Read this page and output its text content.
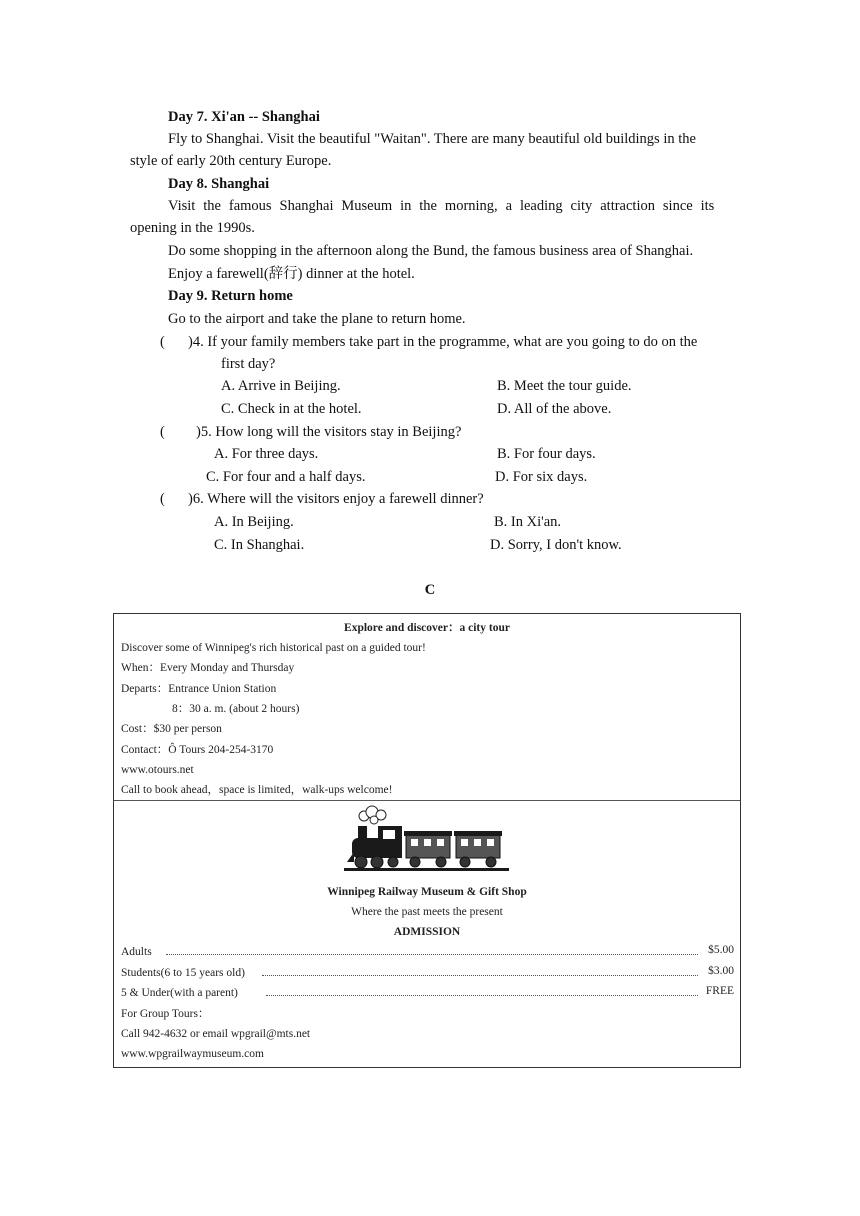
Day 7. Xi'an -- Shanghai
Fly to Shanghai. Visit the beautiful "Waitan". There are many beautiful old buildings in the
style of early 20th century Europe.
Day 8. Shanghai
Visit the famous Shanghai Museum in the morning, a leading city attraction since its
opening in the 1990s.
Do some shopping in the afternoon along the Bund, the famous business area of Shanghai.
Enjoy a farewell(辞行) dinner at the hotel.
Day 9. Return home
Go to the airport and take the plane to return home.
( )4. If your family members take part in the programme, what are you going to do on the
first day?
A. Arrive in Beijing.	B. Meet the tour guide.
C. Check in at the hotel.	D. All of the above.
( )5. How long will the visitors stay in Beijing?
A. For three days.	B. For four days.
C. For four and a half days.	D. For six days.
( )6. Where will the visitors enjoy a farewell dinner?
A. In Beijing.	B. In Xi'an.
C. In Shanghai.	D. Sorry, I don't know.
C
Explore and discover：a city tour
Discover some of Winnipeg's rich historical past on a guided tour!
When：Every Monday and Thursday
Departs：Entrance Union Station
8：30 a. m. (about 2 hours)
Cost：$30 per person
Contact：Ô Tours 204-254-3170
www.otours.net
Call to book ahead，space is limited，walk-ups welcome!
Winnipeg Railway Museum & Gift Shop
Where the past meets the present
ADMISSION
Adults	$5.00
Students(6 to 15 years old)	$3.00
5 & Under(with a parent)	FREE
For Group Tours：
Call 942-4632 or email wpgrail@mts.net
www.wpgrailwaymuseum.com
